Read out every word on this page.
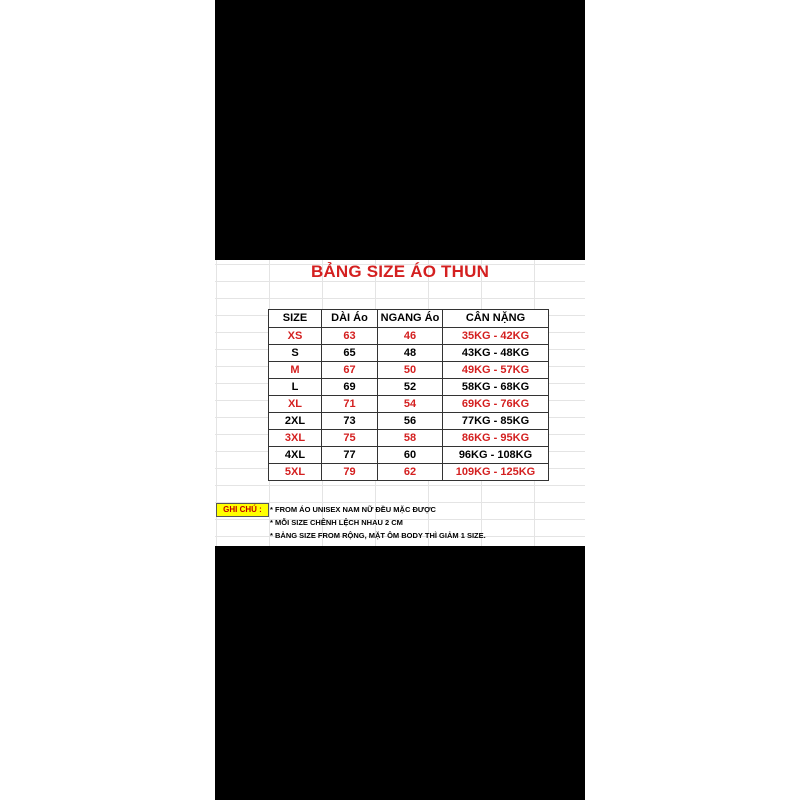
BẢNG SIZE ÁO THUN
SIZE	DÀI Áo	NGANG Áo	CÂN NẶNG
XS	63	46	35KG - 42KG
S	65	48	43KG - 48KG
M	67	50	49KG - 57KG
L	69	52	58KG - 68KG
XL	71	54	69KG - 76KG
2XL	73	56	77KG - 85KG
3XL	75	58	86KG - 95KG
4XL	77	60	96KG - 108KG
5XL	79	62	109KG - 125KG
GHI CHÚ :	* FROM ÁO UNISEX NAM NỮ ĐỀU MẶC ĐƯỢC
* MỖI SIZE CHÊNH LỆCH NHAU 2 CM
* BẢNG SIZE FROM RỘNG, MẶT ÔM BODY THÌ GIẢM 1 SIZE.
